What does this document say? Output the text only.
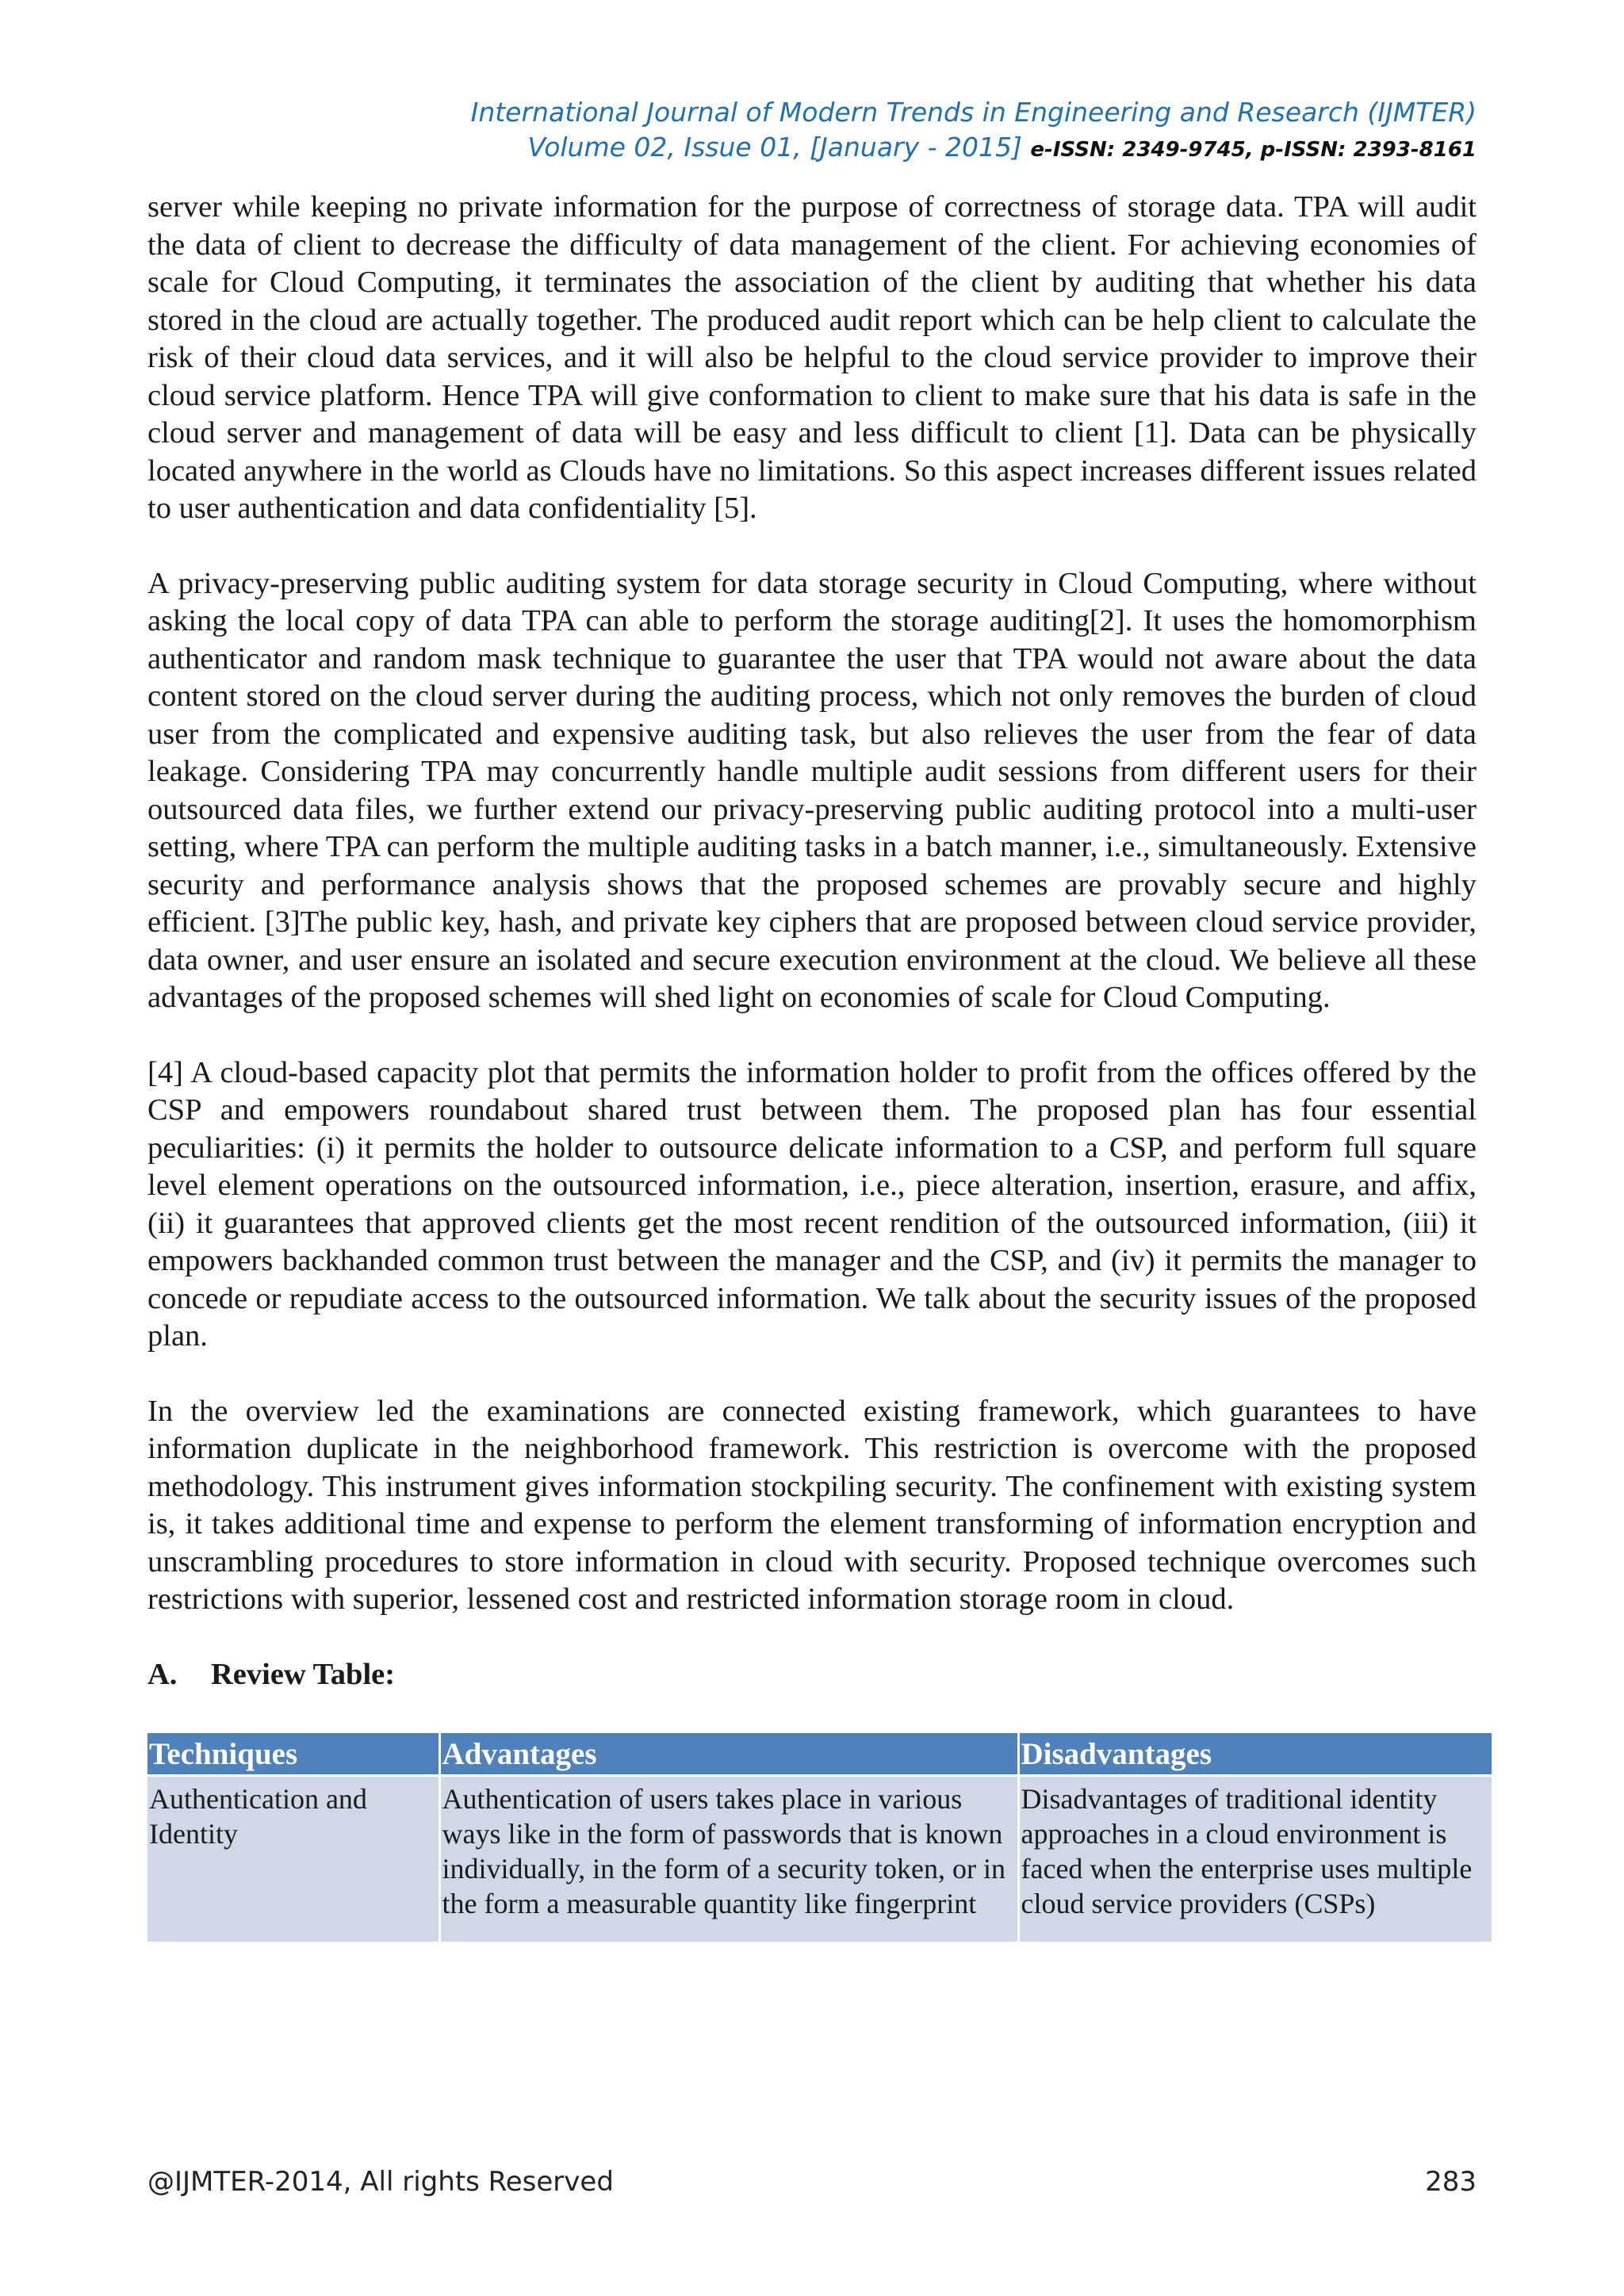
International Journal of Modern Trends in Engineering and Research (IJMTER)
Volume 02, Issue 01, [January - 2015] e-ISSN: 2349-9745, p-ISSN: 2393-8161

server while keeping no private information for the purpose of correctness of storage data. TPA will audit the data of client to decrease the difficulty of data management of the client. For achieving economies of scale for Cloud Computing, it terminates the association of the client by auditing that whether his data stored in the cloud are actually together. The produced audit report which can be help client to calculate the risk of their cloud data services, and it will also be helpful to the cloud service provider to improve their cloud service platform. Hence TPA will give conformation to client to make sure that his data is safe in the cloud server and management of data will be easy and less difficult to client [1]. Data can be physically located anywhere in the world as Clouds have no limitations. So this aspect increases different issues related to user authentication and data confidentiality [5].

A privacy-preserving public auditing system for data storage security in Cloud Computing, where without asking the local copy of data TPA can able to perform the storage auditing[2]. It uses the homomorphism authenticator and random mask technique to guarantee the user that TPA would not aware about the data content stored on the cloud server during the auditing process, which not only removes the burden of cloud user from the complicated and expensive auditing task, but also relieves the user from the fear of data leakage. Considering TPA may concurrently handle multiple audit sessions from different users for their outsourced data files, we further extend our privacy-preserving public auditing protocol into a multi-user setting, where TPA can perform the multiple auditing tasks in a batch manner, i.e., simultaneously. Extensive security and performance analysis shows that the proposed schemes are provably secure and highly efficient. [3]The public key, hash, and private key ciphers that are proposed between cloud service provider, data owner, and user ensure an isolated and secure execution environment at the cloud. We believe all these advantages of the proposed schemes will shed light on economies of scale for Cloud Computing.

[4] A cloud-based capacity plot that permits the information holder to profit from the offices offered by the CSP and empowers roundabout shared trust between them. The proposed plan has four essential peculiarities: (i) it permits the holder to outsource delicate information to a CSP, and perform full square level element operations on the outsourced information, i.e., piece alteration, insertion, erasure, and affix, (ii) it guarantees that approved clients get the most recent rendition of the outsourced information, (iii) it empowers backhanded common trust between the manager and the CSP, and (iv) it permits the manager to concede or repudiate access to the outsourced information. We talk about the security issues of the proposed plan.

In the overview led the examinations are connected existing framework, which guarantees to have information duplicate in the neighborhood framework. This restriction is overcome with the proposed methodology. This instrument gives information stockpiling security. The confinement with existing system is, it takes additional time and expense to perform the element transforming of information encryption and unscrambling procedures to store information in cloud with security. Proposed technique overcomes such restrictions with superior, lessened cost and restricted information storage room in cloud.

A. Review Table:
Techniques	Advantages	Disadvantages
Authentication and Identity	Authentication of users takes place in various ways like in the form of passwords that is known individually, in the form of a security token, or in the form a measurable quantity like fingerprint	Disadvantages of traditional identity approaches in a cloud environment is faced when the enterprise uses multiple cloud service providers (CSPs)
@IJMTER-2014, All rights Reserved	283
